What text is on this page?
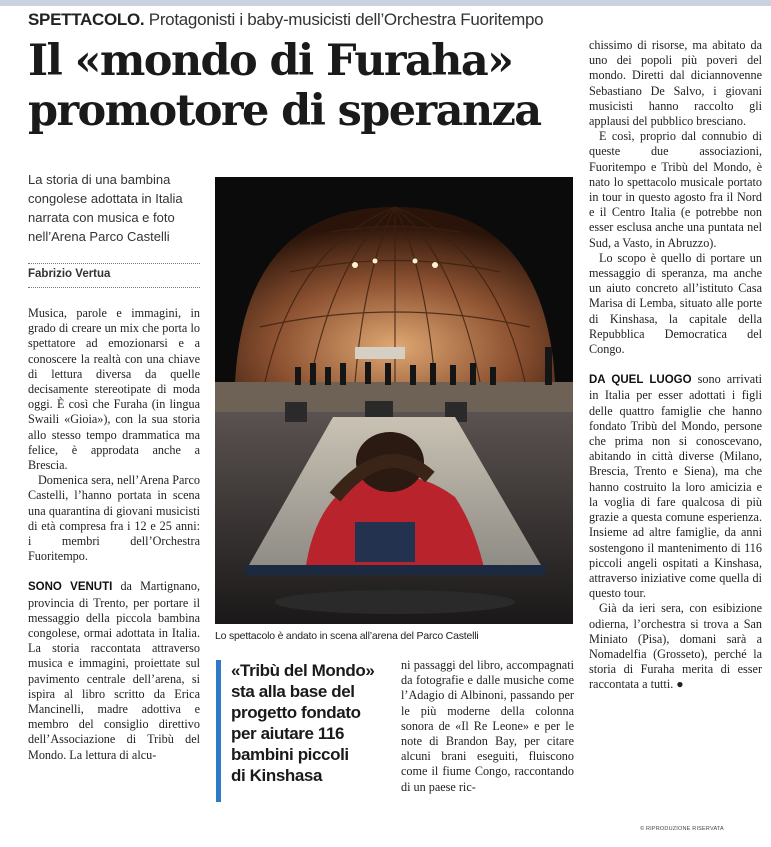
SPETTACOLO. Protagonisti i baby-musicisti dell’Orchestra Fuoritempo
Il «mondo di Furaha»
promotore di speranza
La storia di una bambina congolese adottata in Italia narrata con musica e foto nell’Arena Parco Castelli
Fabrizio Vertua

Musica, parole e immagini, in grado di creare un mix che porta lo spettatore ad emozionarsi e a conoscere la realtà con una chiave di lettura diversa da quelle decisamente stereotipate di moda oggi. È così che Furaha (in lingua Swaili «Gioia»), con la sua storia allo stesso tempo drammatica ma felice, è approdata anche a Brescia.

Domenica sera, nell’Arena Parco Castelli, l’hanno portata in scena una quarantina di giovani musicisti di età compresa fra i 12 e 25 anni: i membri dell’Orchestra Fuoritempo.

SONO VENUTI da Martignano, provincia di Trento, per portare il messaggio della piccola bambina congolese, ormai adottata in Italia. La storia raccontata attraverso musica e immagini, proiettate sul pavimento centrale dell’arena, si ispira al libro scritto da Erica Mancinelli, madre adottiva e membro del consiglio direttivo dell’Associazione di Tribù del Mondo. La lettura di alcu-

Lo spettacolo è andato in scena all’arena del Parco Castelli
«Tribù del Mondo»
sta alla base del
progetto fondato
per aiutare 116
bambini piccoli
di Kinshasa

ni passaggi del libro, accompagnati da fotografie e dalle musiche come l’Adagio di Albinoni, passando per le più moderne della colonna sonora de «Il Re Leone» e per le note di Brandon Bay, per citare alcuni brani eseguiti, fluiscono come il fiume Congo, raccontando di un paese ric-

chissimo di risorse, ma abitato da uno dei popoli più poveri del mondo. Diretti dal diciannovenne Sebastiano De Salvo, i giovani musicisti hanno raccolto gli applausi del pubblico bresciano.

E così, proprio dal connubio di queste due associazioni, Fuoritempo e Tribù del Mondo, è nato lo spettacolo musicale portato in tour in questo agosto fra il Nord e il Centro Italia (e potrebbe non esser esclusa anche una puntata nel Sud, a Vasto, in Abruzzo).

Lo scopo è quello di portare un messaggio di speranza, ma anche un aiuto concreto all’istituto Casa Marisa di Lemba, situato alle porte di Kinshasa, la capitale della Repubblica Democratica del Congo.

DA QUEL LUOGO sono arrivati in Italia per esser adottati i figli delle quattro famiglie che hanno fondato Tribù del Mondo, persone che prima non si conoscevano, abitando in città diverse (Milano, Brescia, Trento e Siena), ma che hanno costruito la loro amicizia e la voglia di fare qualcosa di più grazie a questa comune esperienza. Insieme ad altre famiglie, da anni sostengono il mantenimento di 116 piccoli angeli ospitati a Kinshasa, attraverso iniziative come quella di questo tour.

Già da ieri sera, con esibizione odierna, l’orchestra si trova a San Miniato (Pisa), domani sarà a Nomadelfia (Grosseto), perché la storia di Furaha merita di esser raccontata a tutti. ●

© RIPRODUZIONE RISERVATA
